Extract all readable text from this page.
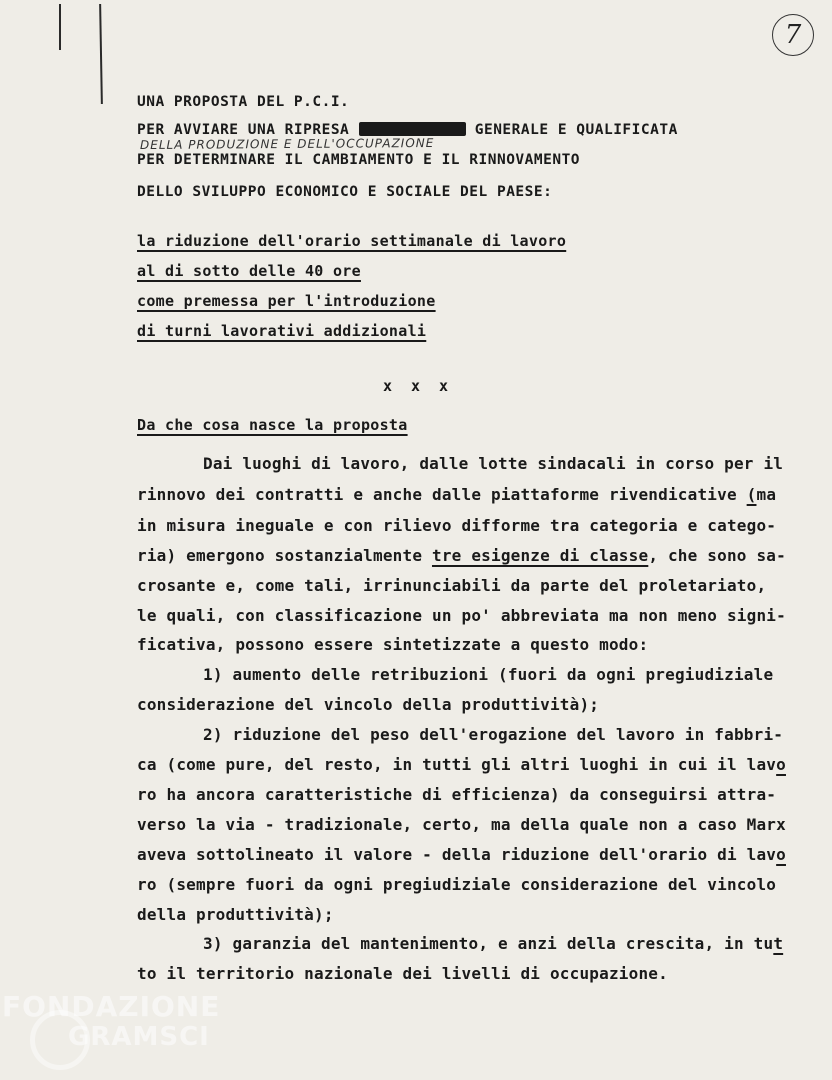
7

UNA PROPOSTA DEL P.C.I.

PER AVVIARE UNA RIPRESA	GENERALE E QUALIFICATA

DELLA PRODUZIONE E DELL'OCCUPAZIONE

PER DETERMINARE IL CAMBIAMENTO E IL RINNOVAMENTO

DELLO SVILUPPO ECONOMICO E SOCIALE DEL PAESE:

la riduzione dell'orario settimanale di lavoro

al di sotto delle 40 ore

come premessa per l'introduzione

di turni lavorativi addizionali

x  x  x

Da che cosa nasce la proposta

Dai luoghi di lavoro, dalle lotte sindacali in corso per il

rinnovo dei contratti e anche dalle piattaforme rivendicative (ma

in misura ineguale e con rilievo difforme tra categoria e catego-

ria) emergono sostanzialmente tre esigenze di classe, che sono sa-

crosante e, come tali, irrinunciabili da parte del proletariato,

le quali, con classificazione un po' abbreviata ma non meno signi-

ficativa, possono essere sintetizzate a questo modo:

1) aumento delle retribuzioni (fuori da ogni pregiudiziale

considerazione del vincolo della produttività);

2) riduzione del peso dell'erogazione del lavoro in fabbri-

ca (come pure, del resto, in tutti gli altri luoghi in cui il lavo

ro ha ancora caratteristiche di efficienza) da conseguirsi attra-

verso la via - tradizionale, certo, ma della quale non a caso Marx

aveva sottolineato il valore - della riduzione dell'orario di lavo

ro (sempre fuori da ogni pregiudiziale considerazione del vincolo

della produttività);

3) garanzia del mantenimento, e anzi della crescita, in tut

to il territorio nazionale dei livelli di occupazione.

FONDAZIONE
GRAMSCI
